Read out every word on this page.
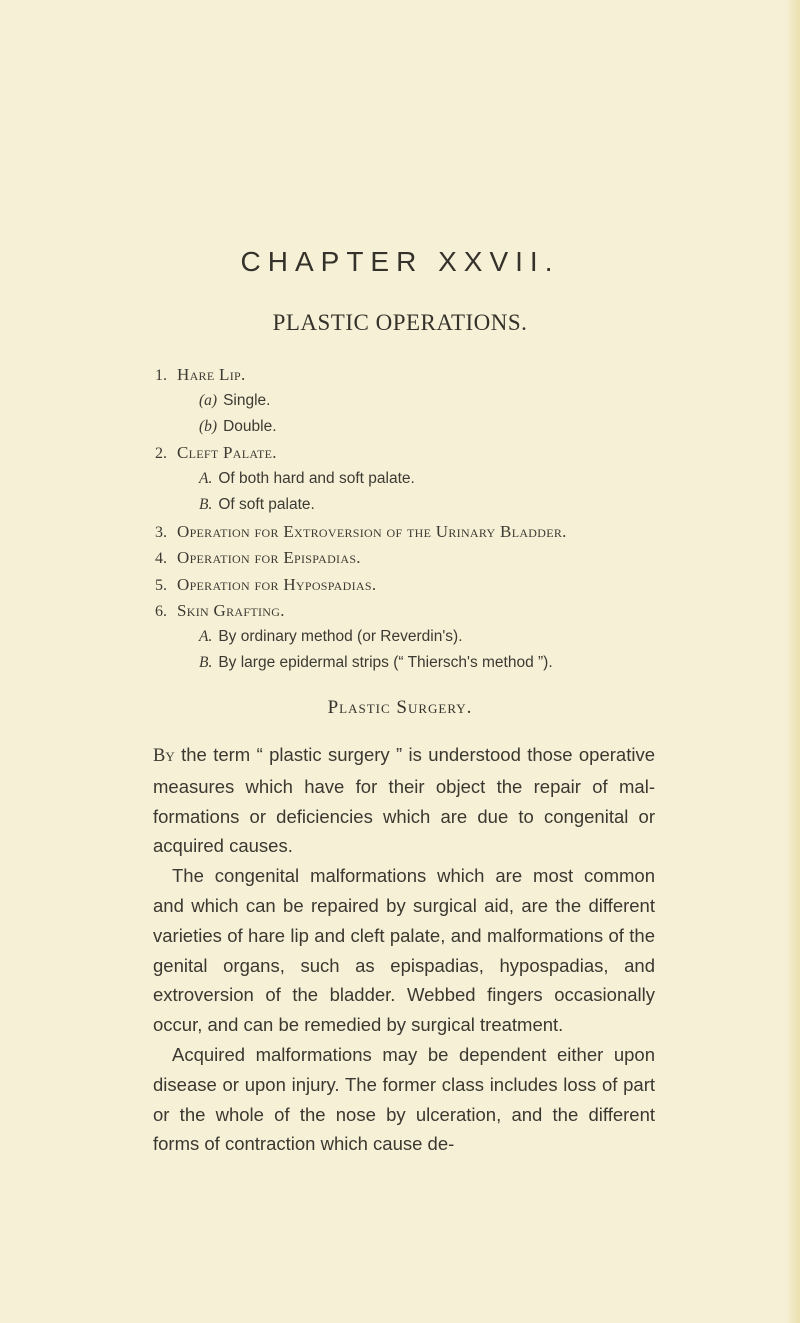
CHAPTER XXVII.
PLASTIC OPERATIONS.
1. Hare Lip.
(a) Single.
(b) Double.
2. Cleft Palate.
A. Of both hard and soft palate.
B. Of soft palate.
3. Operation for Extroversion of the Urinary Bladder.
4. Operation for Epispadias.
5. Operation for Hypospadias.
6. Skin Grafting.
A. By ordinary method (or Reverdin's).
B. By large epidermal strips (“ Thiersch's method ”).
Plastic Surgery.

By the term “ plastic surgery ” is understood those operative measures which have for their object the repair of mal-formations or deficiencies which are due to congenital or acquired causes.

The congenital malformations which are most common and which can be repaired by surgical aid, are the different varieties of hare lip and cleft palate, and malformations of the genital organs, such as epispadias, hypospadias, and extroversion of the bladder. Webbed fingers occasionally occur, and can be remedied by surgical treatment.

Acquired malformations may be dependent either upon disease or upon injury. The former class includes loss of part or the whole of the nose by ulceration, and the different forms of contraction which cause de-
